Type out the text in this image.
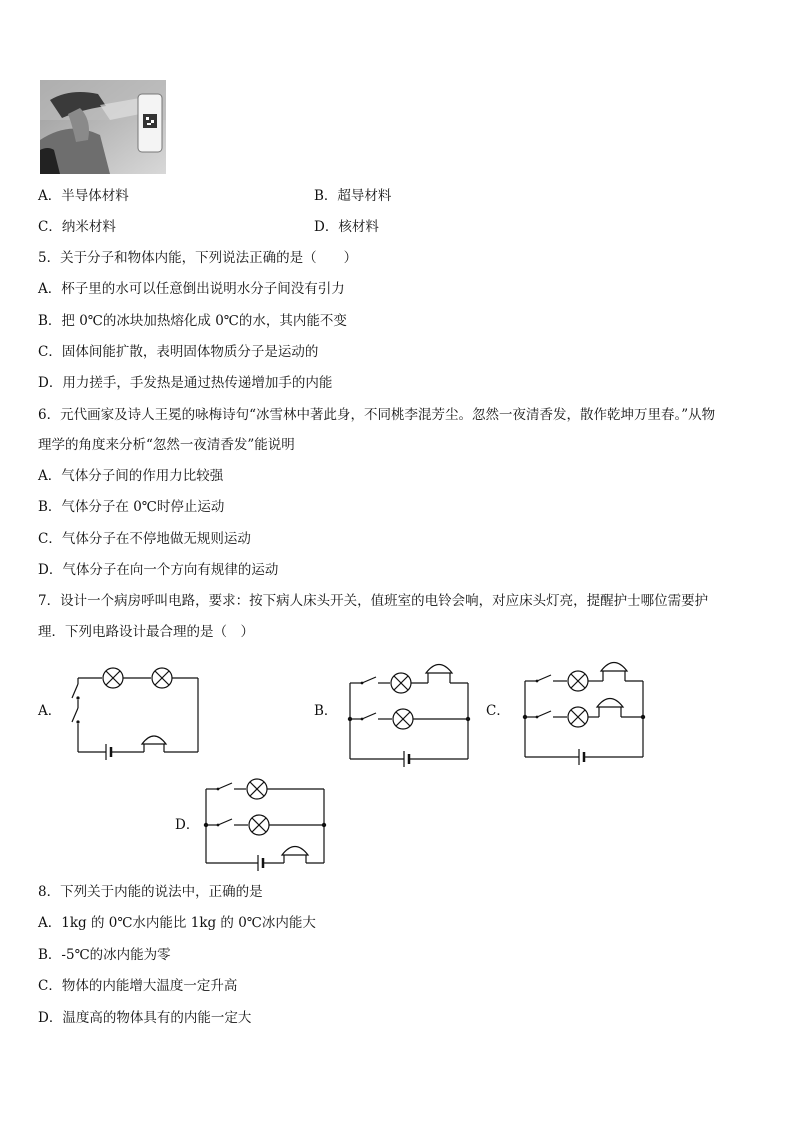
A．半导体材料	B．超导材料
C．纳米材料	D．核材料
5．关于分子和物体内能，下列说法正确的是（　　）
A．杯子里的水可以任意倒出说明水分子间没有引力
B．把 0℃的冰块加热熔化成 0℃的水，其内能不变
C．固体间能扩散，表明固体物质分子是运动的
D．用力搓手，手发热是通过热传递增加手的内能
6．元代画家及诗人王冕的咏梅诗句“冰雪林中著此身，不同桃李混芳尘。忽然一夜清香发，散作乾坤万里春。”从物
理学的角度来分析“忽然一夜清香发”能说明
A．气体分子间的作用力比较强
B．气体分子在 0℃时停止运动
C．气体分子在不停地做无规则运动
D．气体分子在向一个方向有规律的运动
7．设计一个病房呼叫电路，要求：按下病人床头开关，值班室的电铃会响，对应床头灯亮，提醒护士哪位需要护
理．下列电路设计最合理的是（　）
A．	B．	C．
D．
8．下列关于内能的说法中，正确的是
A．1kg 的 0℃水内能比 1kg 的 0℃冰内能大
B．-5℃的冰内能为零
C．物体的内能增大温度一定升高
D．温度高的物体具有的内能一定大
